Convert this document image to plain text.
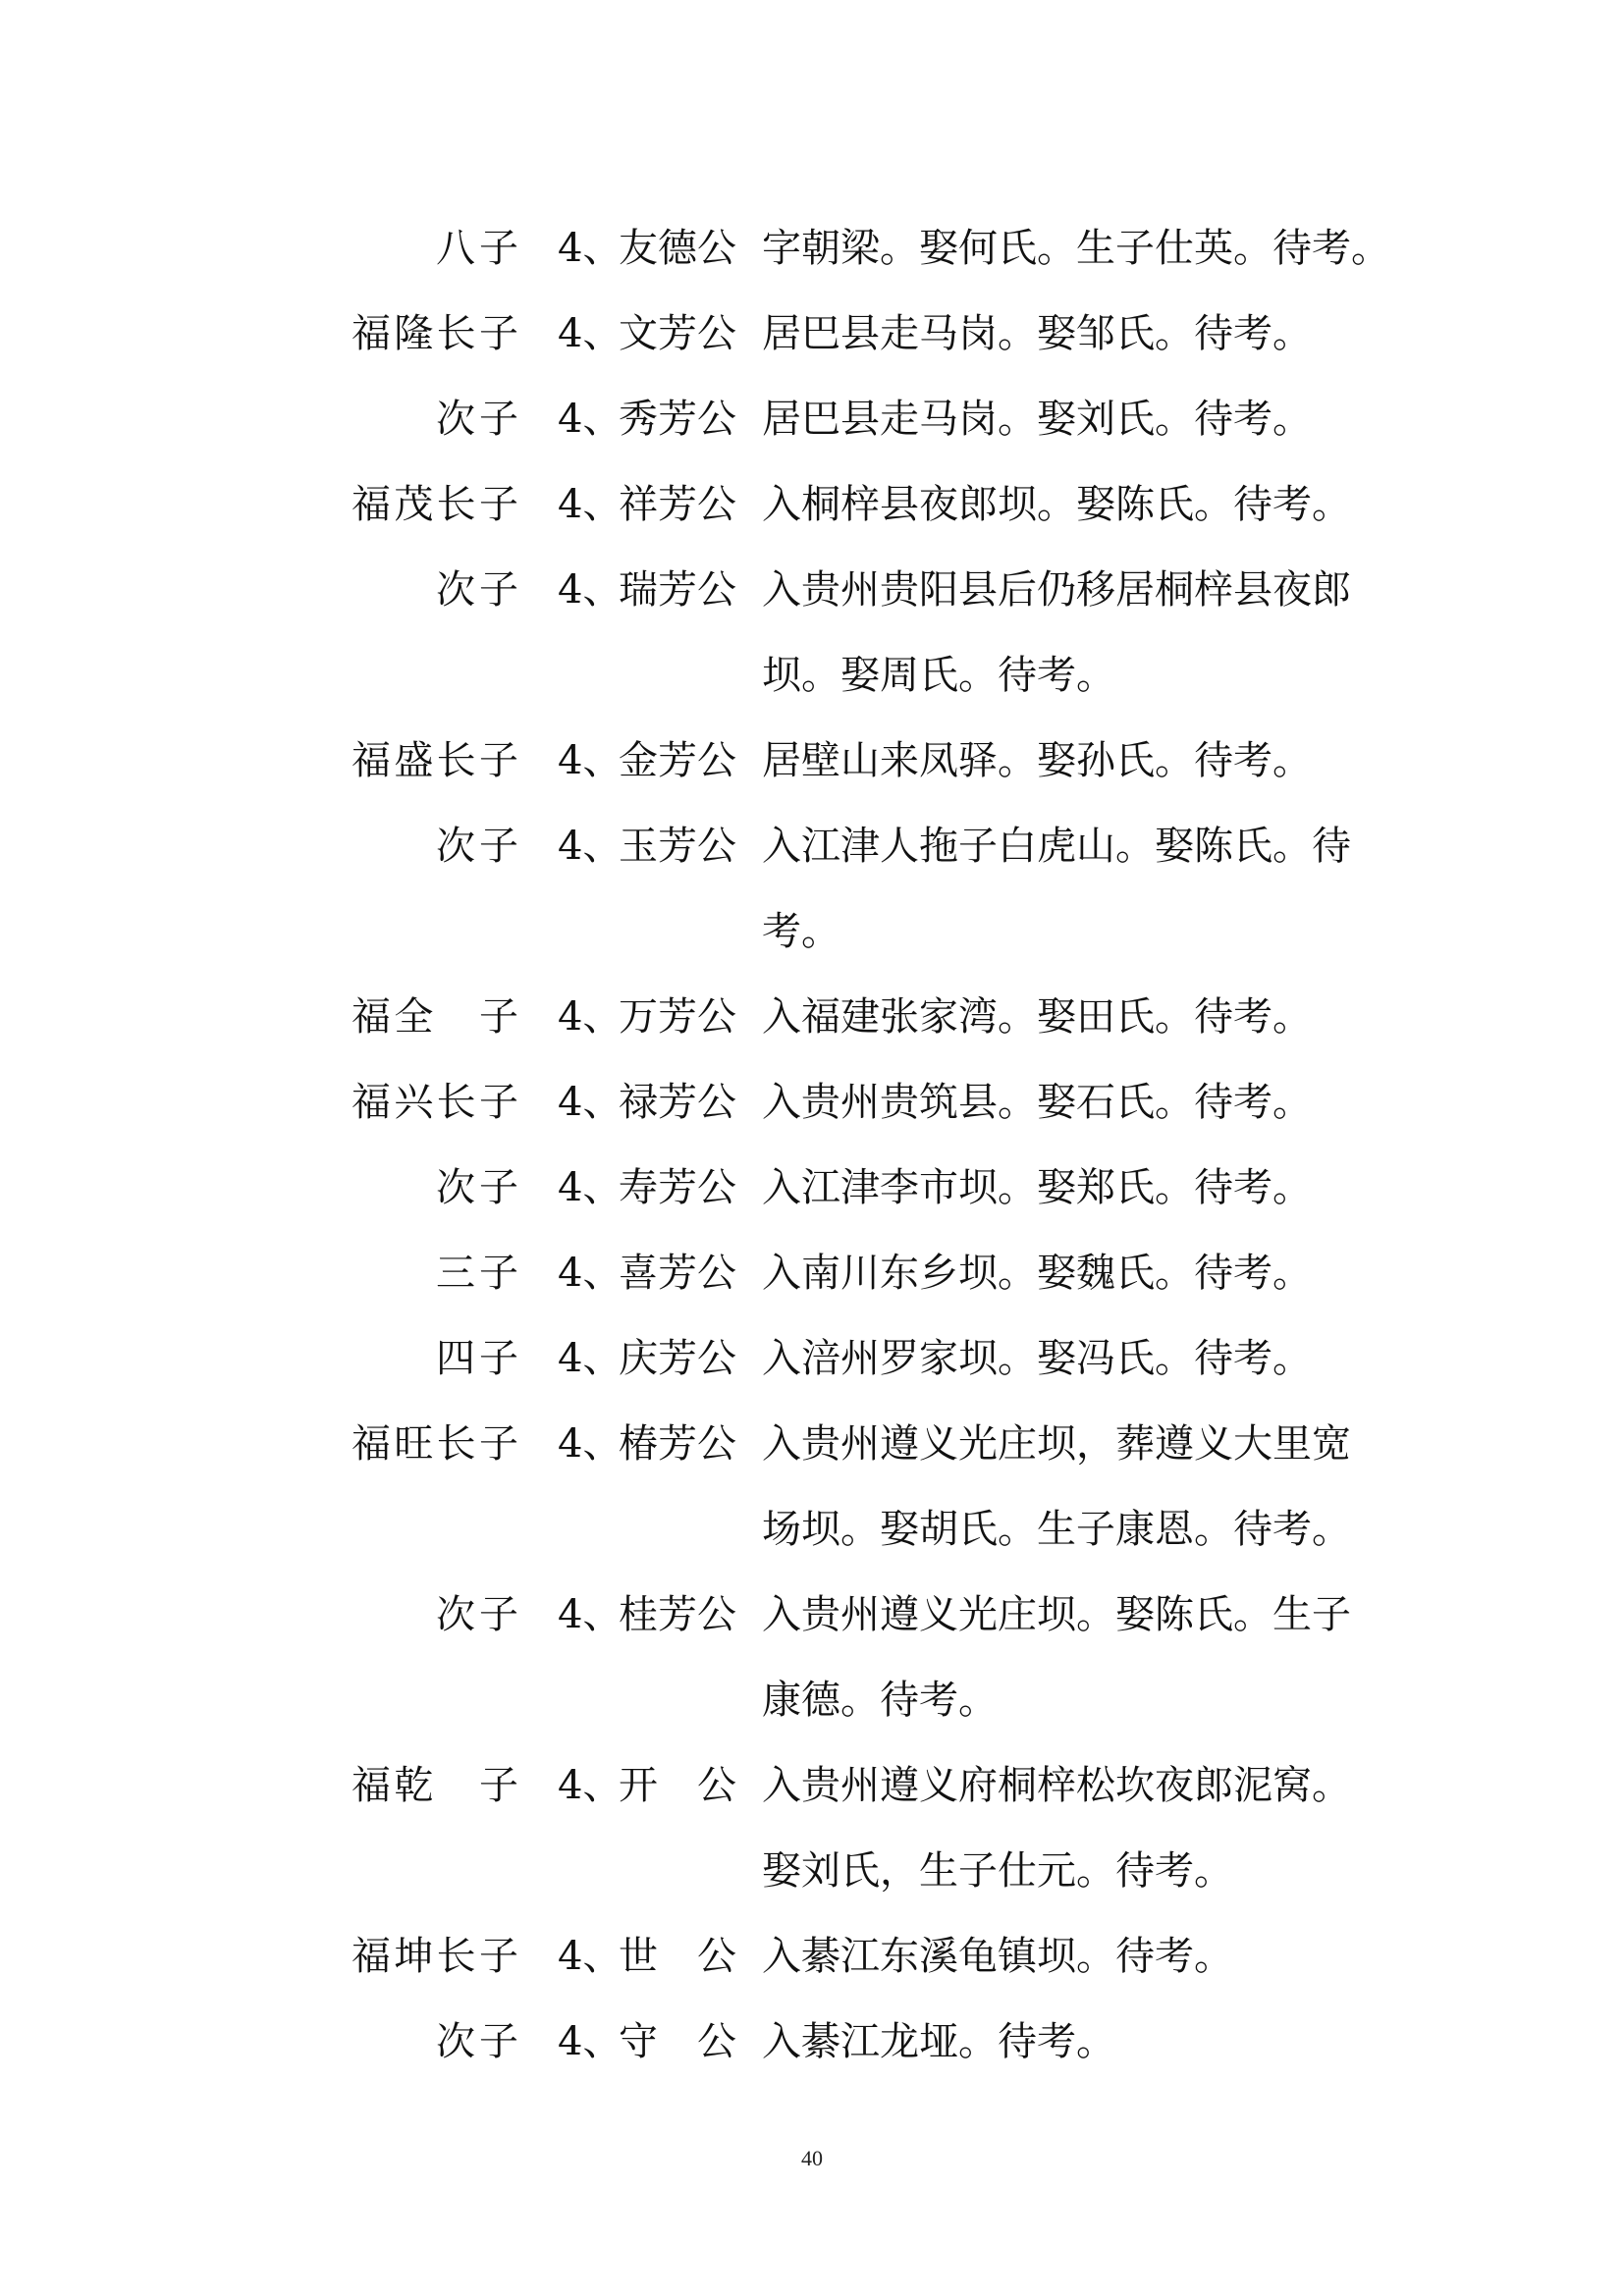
八子 4、
友德公 字朝梁。娶何氏。生子仕英。待考。
福隆长子 4、
文芳公 居巴县走马岗。娶邹氏。待考。
次子 4、
秀芳公 居巴县走马岗。娶刘氏。待考。
福茂长子 4、
祥芳公 入桐梓县夜郎坝。娶陈氏。待考。
次子 4、
瑞芳公 入贵州贵阳县后仍移居桐梓县夜郎
坝。娶周氏。待考。
福盛长子 4、
金芳公 居壁山来凤驿。娶孙氏。待考。
次子 4、
玉芳公 入江津人拖子白虎山。娶陈氏。待
考。
福全　子 4、
万芳公 入福建张家湾。娶田氏。待考。
福兴长子 4、
禄芳公 入贵州贵筑县。娶石氏。待考。
次子 4、
寿芳公 入江津李市坝。娶郑氏。待考。
三子 4、
喜芳公 入南川东乡坝。娶魏氏。待考。
四子 4、
庆芳公 入涪州罗家坝。娶冯氏。待考。
福旺长子 4、
椿芳公 入贵州遵义光庄坝，葬遵义大里宽
场坝。娶胡氏。生子康恩。待考。
次子 4、
桂芳公 入贵州遵义光庄坝。娶陈氏。生子
康德。待考。
福乾　子 4、
开　公 入贵州遵义府桐梓松坎夜郎泥窝。
娶刘氏，生子仕元。待考。
福坤长子 4、
世　公 入綦江东溪龟镇坝。待考。
次子 4、
守　公 入綦江龙垭。待考。
40
